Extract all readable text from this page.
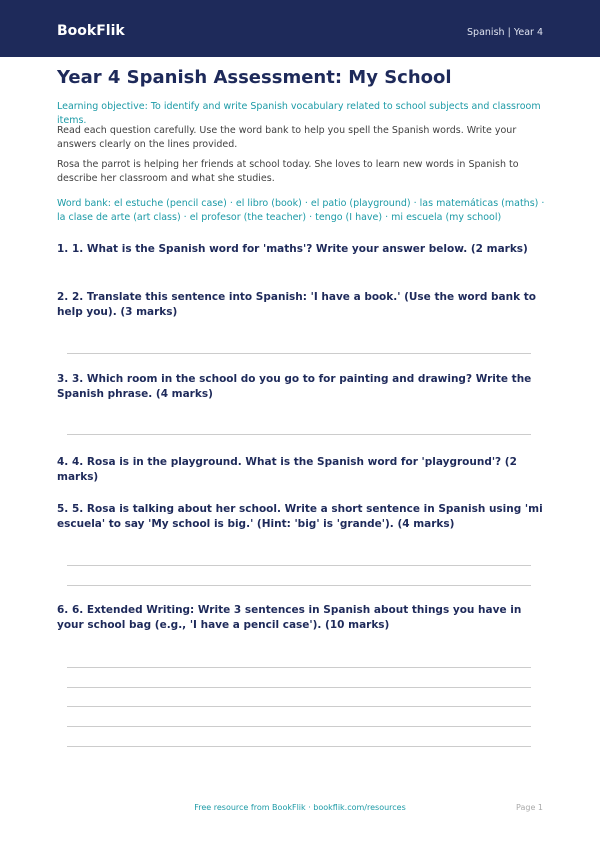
BookFlik	Spanish | Year 4
Year 4 Spanish Assessment: My School

Learning objective: To identify and write Spanish vocabulary related to school subjects and classroom items.

Read each question carefully. Use the word bank to help you spell the Spanish words. Write your answers clearly on the lines provided.

Rosa the parrot is helping her friends at school today. She loves to learn new words in Spanish to describe her classroom and what she studies.

Word bank: el estuche (pencil case) · el libro (book) · el patio (playground) · las matemáticas (maths) · la clase de arte (art class) · el profesor (the teacher) · tengo (I have) · mi escuela (my school)

1. 1. What is the Spanish word for 'maths'? Write your answer below. (2 marks)

2. 2. Translate this sentence into Spanish: 'I have a book.' (Use the word bank to help you). (3 marks)

3. 3. Which room in the school do you go to for painting and drawing? Write the Spanish phrase. (4 marks)

4. 4. Rosa is in the playground. What is the Spanish word for 'playground'? (2 marks)

5. 5. Rosa is talking about her school. Write a short sentence in Spanish using 'mi escuela' to say 'My school is big.' (Hint: 'big' is 'grande'). (4 marks)

6. 6. Extended Writing: Write 3 sentences in Spanish about things you have in your school bag (e.g., 'I have a pencil case'). (10 marks)

Free resource from BookFlik · bookflik.com/resources	Page 1
